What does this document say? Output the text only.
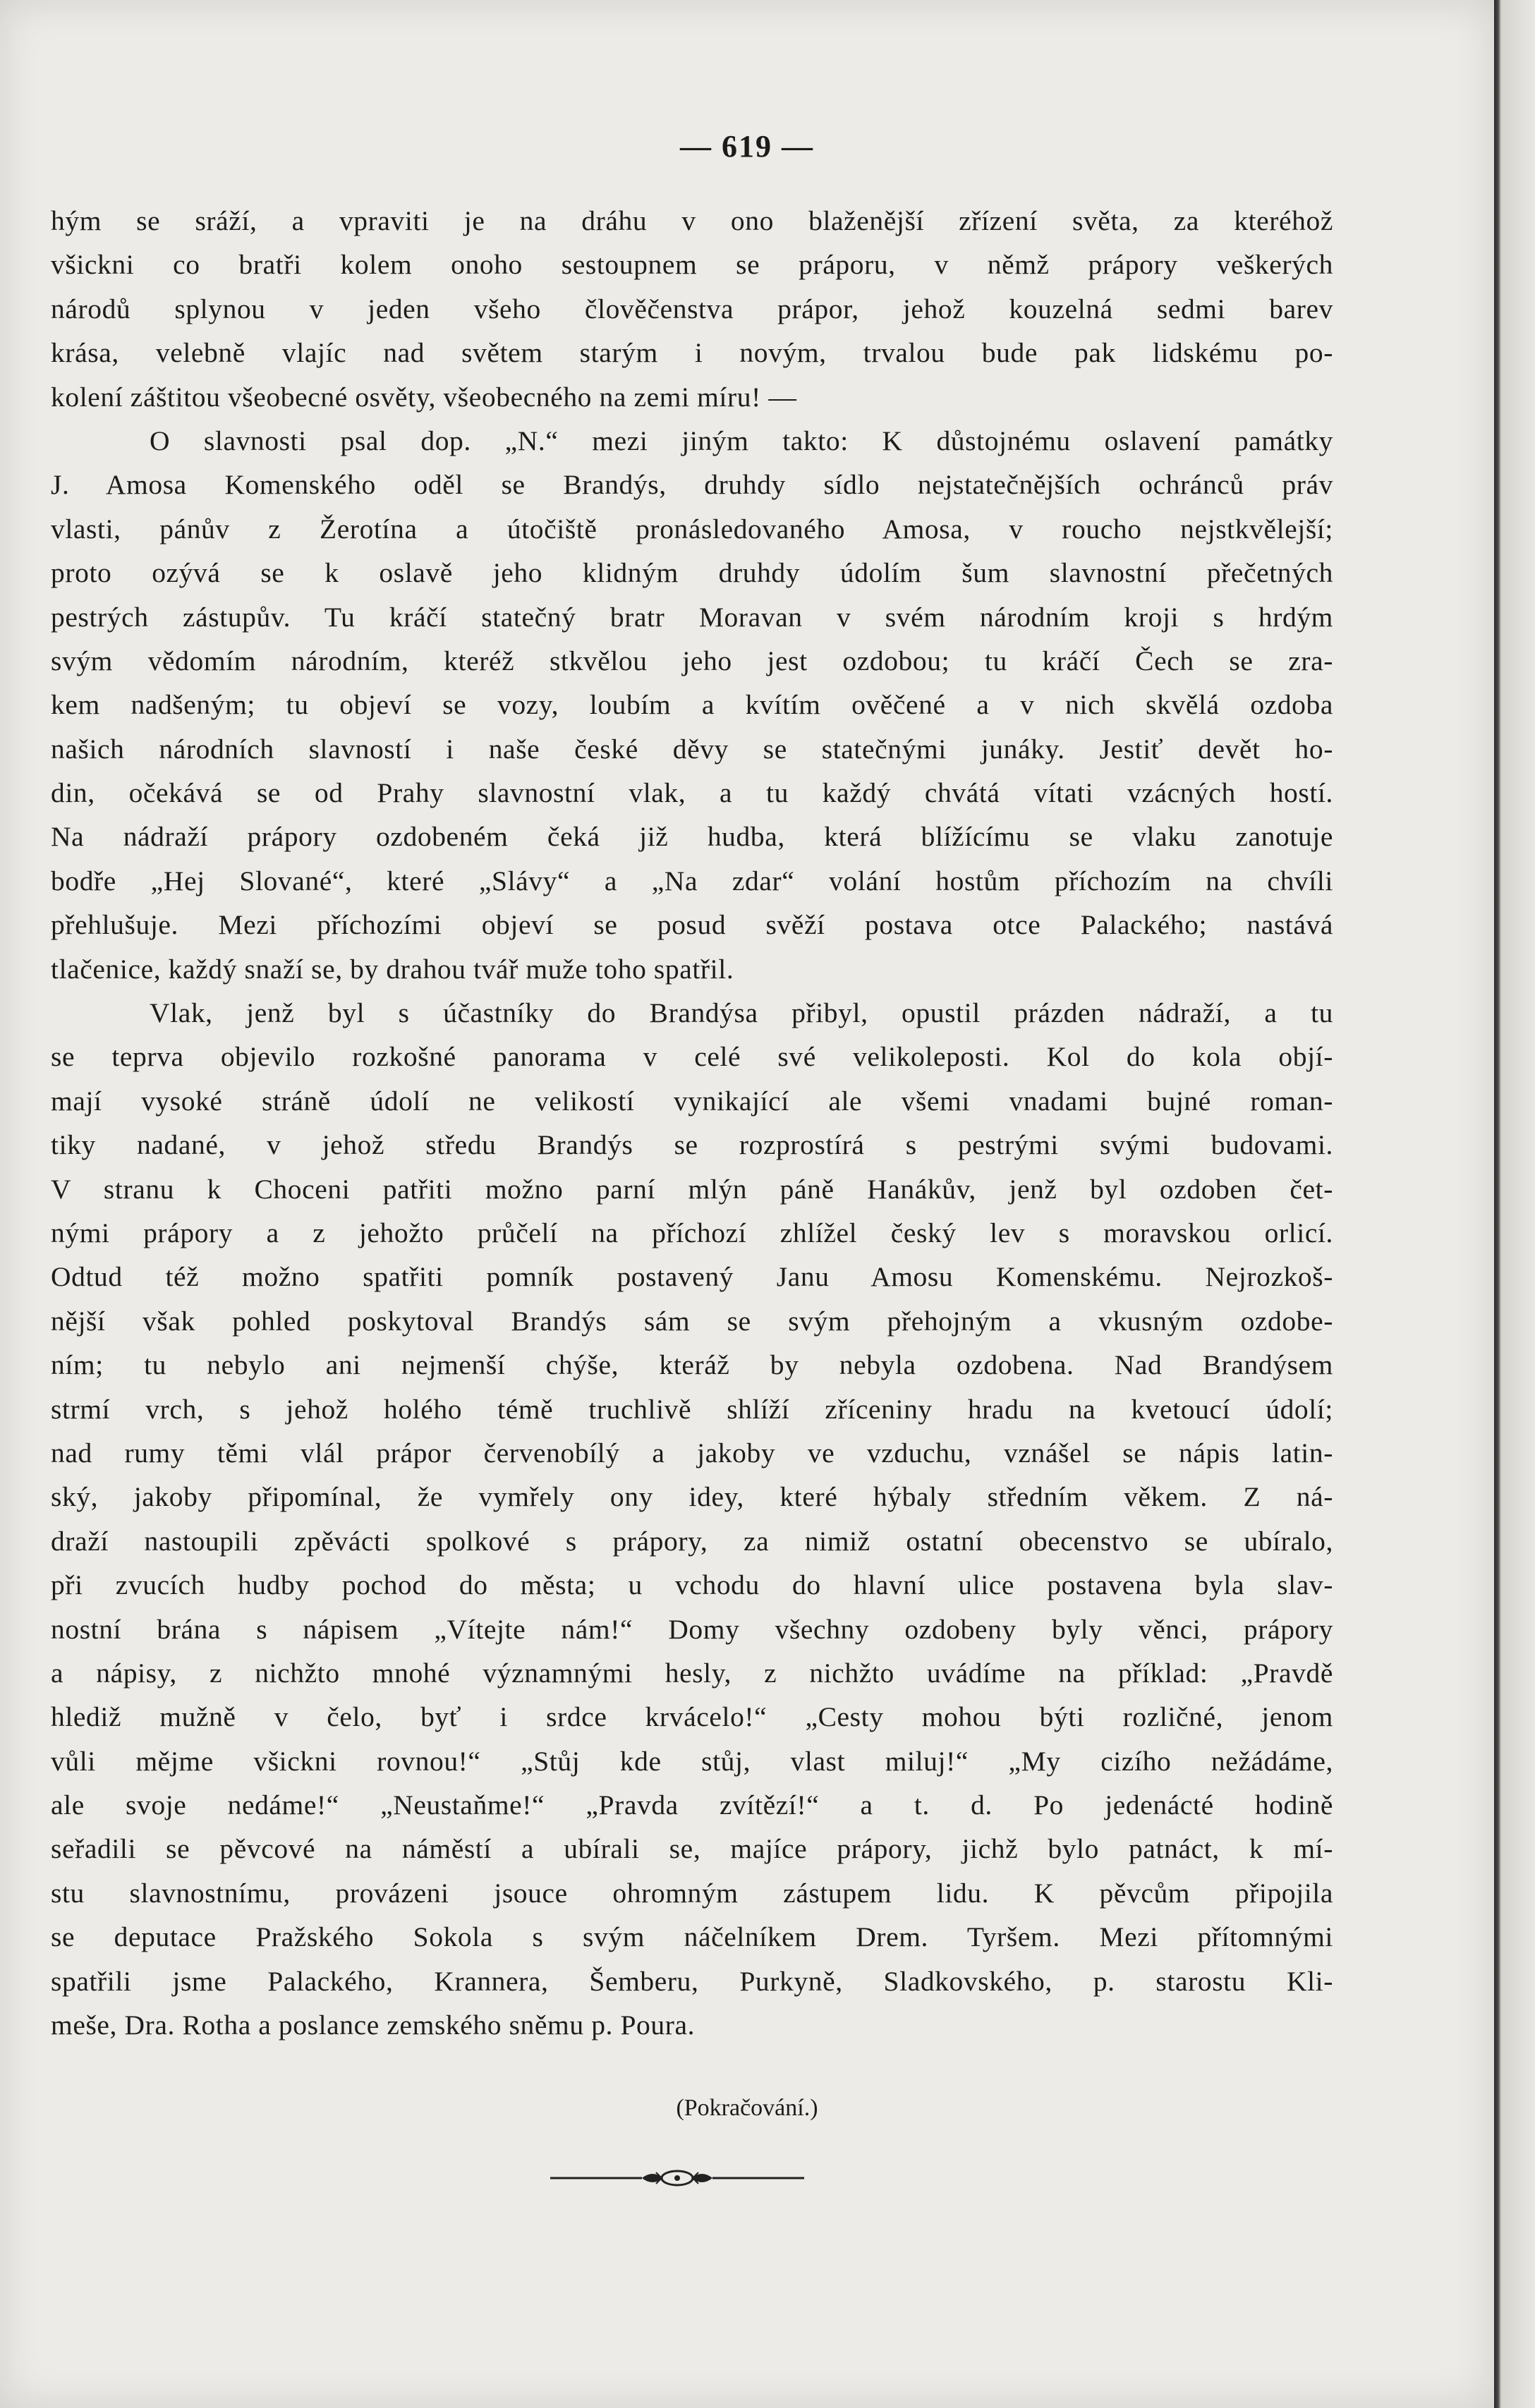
— 619 —
hým se sráží, a vpraviti je na dráhu v ono blaženější zřízení světa, za kteréhož
všickni co bratři kolem onoho sestoupnem se práporu, v němž prápory veškerých
národů splynou v jeden všeho člověčenstva prápor, jehož kouzelná sedmi barev
krása, velebně vlajíc nad světem starým i novým, trvalou bude pak lidskému po-
kolení záštitou všeobecné osvěty, všeobecného na zemi míru! —
O slavnosti psal dop. „N.“ mezi jiným takto: K důstojnému oslavení památky
J. Amosa Komenského oděl se Brandýs, druhdy sídlo nejstatečnějších ochránců práv
vlasti, pánův z Žerotína a útočiště pronásledovaného Amosa, v roucho nejstkvělejší;
proto ozývá se k oslavě jeho klidným druhdy údolím šum slavnostní přečetných
pestrých zástupův. Tu kráčí statečný bratr Moravan v svém národním kroji s hrdým
svým vědomím národním, kteréž stkvělou jeho jest ozdobou; tu kráčí Čech se zra-
kem nadšeným; tu objeví se vozy, loubím a kvítím ověčené a v nich skvělá ozdoba
našich národních slavností i naše české děvy se statečnými junáky. Jestiť devět ho-
din, očekává se od Prahy slavnostní vlak, a tu každý chvátá vítati vzácných hostí.
Na nádraží prápory ozdobeném čeká již hudba, která blížícímu se vlaku zanotuje
bodře „Hej Slované“, které „Slávy“ a „Na zdar“ volání hostům příchozím na chvíli
přehlušuje. Mezi příchozími objeví se posud svěží postava otce Palackého; nastává
tlačenice, každý snaží se, by drahou tvář muže toho spatřil.
Vlak, jenž byl s účastníky do Brandýsa přibyl, opustil prázden nádraží, a tu
se teprva objevilo rozkošné panorama v celé své velikoleposti. Kol do kola objí-
mají vysoké stráně údolí ne velikostí vynikající ale všemi vnadami bujné roman-
tiky nadané, v jehož středu Brandýs se rozprostírá s pestrými svými budovami.
V stranu k Choceni patřiti možno parní mlýn páně Hanákův, jenž byl ozdoben čet-
nými prápory a z jehožto průčelí na příchozí zhlížel český lev s moravskou orlicí.
Odtud též možno spatřiti pomník postavený Janu Amosu Komenskému. Nejrozkoš-
nější však pohled poskytoval Brandýs sám se svým přehojným a vkusným ozdobe-
ním; tu nebylo ani nejmenší chýše, kteráž by nebyla ozdobena. Nad Brandýsem
strmí vrch, s jehož holého témě truchlivě shlíží zříceniny hradu na kvetoucí údolí;
nad rumy těmi vlál prápor červenobílý a jakoby ve vzduchu, vznášel se nápis latin-
ský, jakoby připomínal, že vymřely ony idey, které hýbaly středním věkem. Z ná-
draží nastoupili zpěvácti spolkové s prápory, za nimiž ostatní obecenstvo se ubíralo,
při zvucích hudby pochod do města; u vchodu do hlavní ulice postavena byla slav-
nostní brána s nápisem „Vítejte nám!“ Domy všechny ozdobeny byly věnci, prápory
a nápisy, z nichžto mnohé významnými hesly, z nichžto uvádíme na příklad: „Pravdě
hlediž mužně v čelo, byť i srdce krvácelo!“ „Cesty mohou býti rozličné, jenom
vůli mějme všickni rovnou!“ „Stůj kde stůj, vlast miluj!“ „My cizího nežádáme,
ale svoje nedáme!“ „Neustaňme!“ „Pravda zvítězí!“ a t. d. Po jedenácté hodině
seřadili se pěvcové na náměstí a ubírali se, majíce prápory, jichž bylo patnáct, k mí-
stu slavnostnímu, provázeni jsouce ohromným zástupem lidu. K pěvcům připojila
se deputace Pražského Sokola s svým náčelníkem Drem. Tyršem. Mezi přítomnými
spatřili jsme Palackého, Krannera, Šemberu, Purkyně, Sladkovského, p. starostu Kli-
meše, Dra. Rotha a poslance zemského sněmu p. Poura.
(Pokračování.)
